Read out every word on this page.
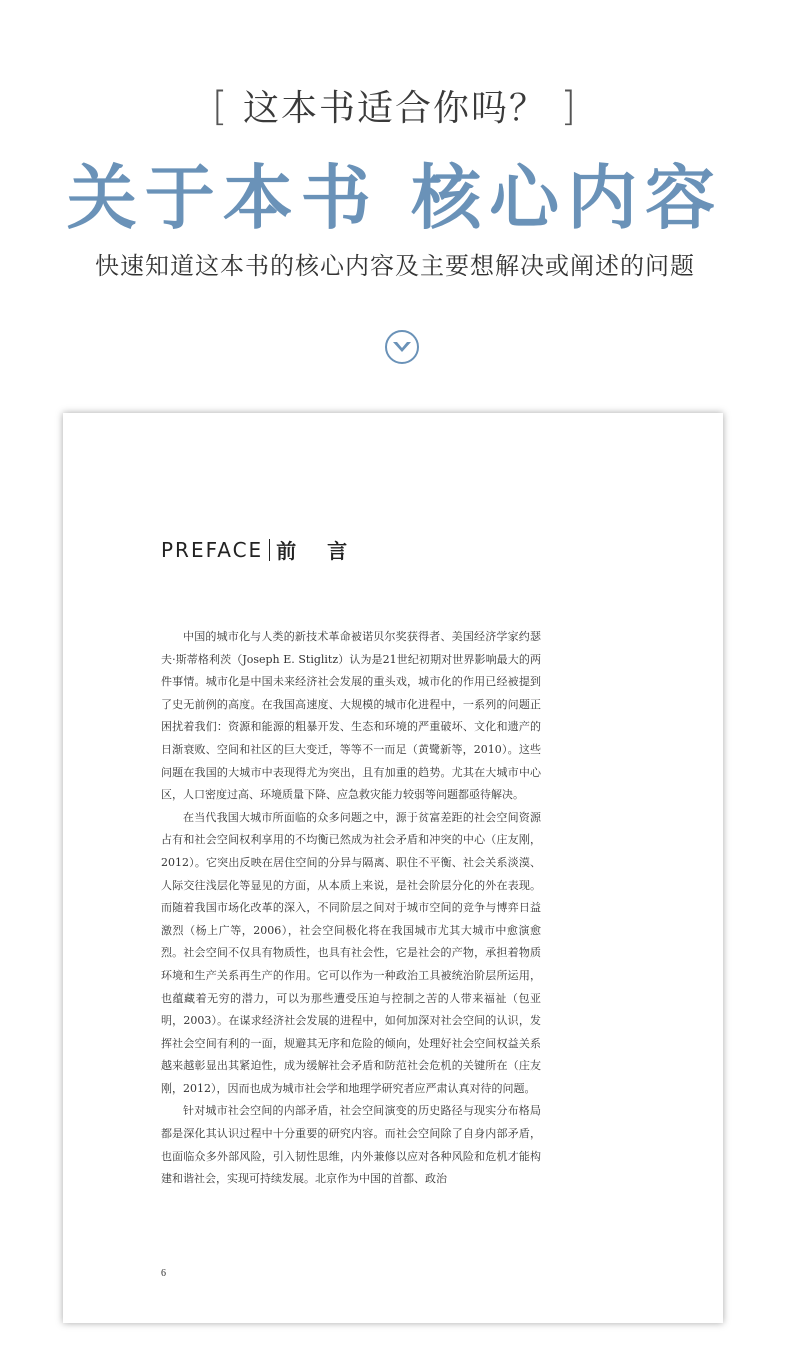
[ 这本书适合你吗？ ]
关于本书 核心内容
快速知道这本书的核心内容及主要想解决或阐述的问题
PREFACE 前 言

中国的城市化与人类的新技术革命被诺贝尔奖获得者、美国经济学家约瑟夫·斯蒂格利茨（Joseph E. Stiglitz）认为是21世纪初期对世界影响最大的两件事情。城市化是中国未来经济社会发展的重头戏，城市化的作用已经被提到了史无前例的高度。在我国高速度、大规模的城市化进程中，一系列的问题正困扰着我们：资源和能源的粗暴开发、生态和环境的严重破坏、文化和遗产的日渐衰败、空间和社区的巨大变迁，等等不一而足（黄鹭新等，2010）。这些问题在我国的大城市中表现得尤为突出，且有加重的趋势。尤其在大城市中心区，人口密度过高、环境质量下降、应急救灾能力较弱等问题都亟待解决。

在当代我国大城市所面临的众多问题之中，源于贫富差距的社会空间资源占有和社会空间权利享用的不均衡已然成为社会矛盾和冲突的中心（庄友刚，2012）。它突出反映在居住空间的分异与隔离、职住不平衡、社会关系淡漠、人际交往浅层化等显见的方面，从本质上来说，是社会阶层分化的外在表现。而随着我国市场化改革的深入，不同阶层之间对于城市空间的竞争与博弈日益激烈（杨上广等，2006），社会空间极化将在我国城市尤其大城市中愈演愈烈。社会空间不仅具有物质性，也具有社会性，它是社会的产物，承担着物质环境和生产关系再生产的作用。它可以作为一种政治工具被统治阶层所运用，也蕴藏着无穷的潜力，可以为那些遭受压迫与控制之苦的人带来福祉（包亚明，2003）。在谋求经济社会发展的进程中，如何加深对社会空间的认识，发挥社会空间有利的一面，规避其无序和危险的倾向，处理好社会空间权益关系越来越彰显出其紧迫性，成为缓解社会矛盾和防范社会危机的关键所在（庄友刚，2012），因而也成为城市社会学和地理学研究者应严肃认真对待的问题。

针对城市社会空间的内部矛盾，社会空间演变的历史路径与现实分布格局都是深化其认识过程中十分重要的研究内容。而社会空间除了自身内部矛盾，也面临众多外部风险，引入韧性思维，内外兼修以应对各种风险和危机才能构建和谐社会，实现可持续发展。北京作为中国的首都、政治

6
